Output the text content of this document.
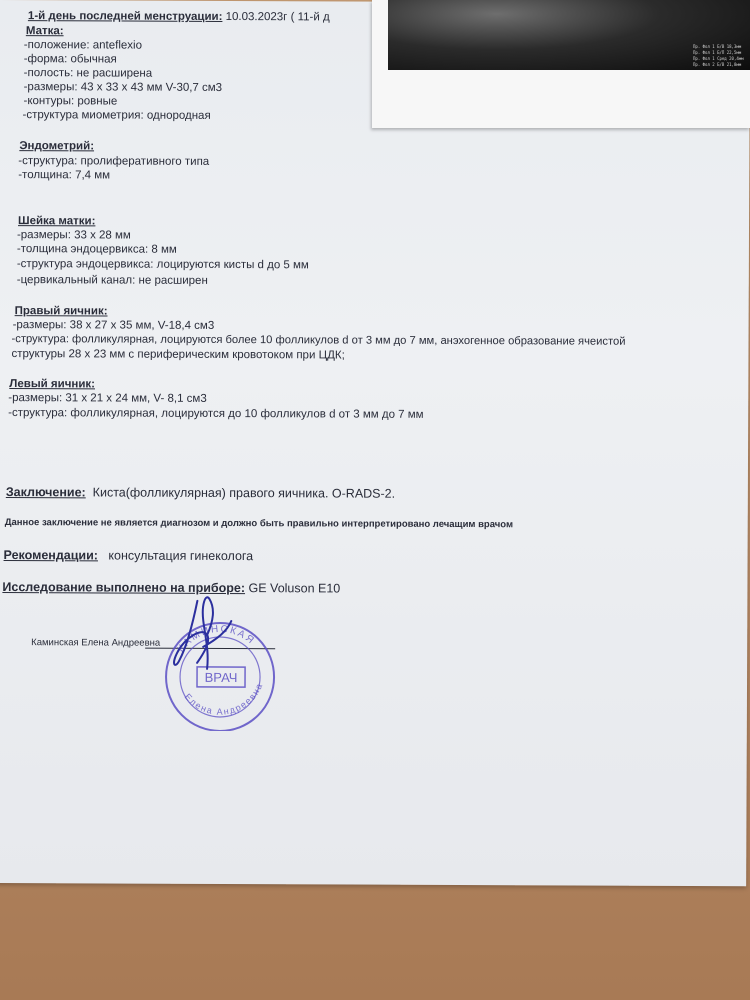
1-й день последней менструации: 10.03.2023г ( 11-й д
Матка:
-положение: anteflexio
-форма: обычная
-полость: не расширена
-размеры: 43 x 33 x 43 мм V-30,7 см3
-контуры: ровные
-структура миометрия: однородная
Эндометрий:
-структура: пролиферативного типа
-толщина: 7,4 мм
Шейка матки:
-размеры: 33 x 28 мм
-толщина эндоцервикса: 8 мм
-структура эндоцервикса: лоцируются кисты d до 5 мм
-цервикальный канал: не расширен
Правый яичник:
-размеры: 38 x 27 x 35 мм, V-18,4 см3
-структура: фолликулярная, лоцируются более 10 фолликулов d от 3 мм до 7 мм, анэхогенное образование ячеистой
структуры 28 x 23 мм с периферическим кровотоком при ЦДК;
Левый яичник:
-размеры: 31 x 21 x 24 мм, V- 8,1 см3
-структура: фолликулярная, лоцируются до 10 фолликулов d от 3 мм до 7 мм
Заключение: Киста(фолликулярная) правого яичника. O-RADS-2.
Данное заключение не является диагнозом и должно быть правильно интерпретировано лечащим врачом
Рекомендации: консультация гинеколога
Исследование выполнено на приборе: GE Voluson E10
Каминская Елена Андреевна
ВРАЧ
КАМИНСКАЯ
Елена Андреевна
Пр. Фол 1 Б/В 18,3мм
Пр. Фол 1 Б/П 22,5мм
Пр. Фол 1 Сред 20,4мм
Пр. Фол 2 Б/В 21,8мм
